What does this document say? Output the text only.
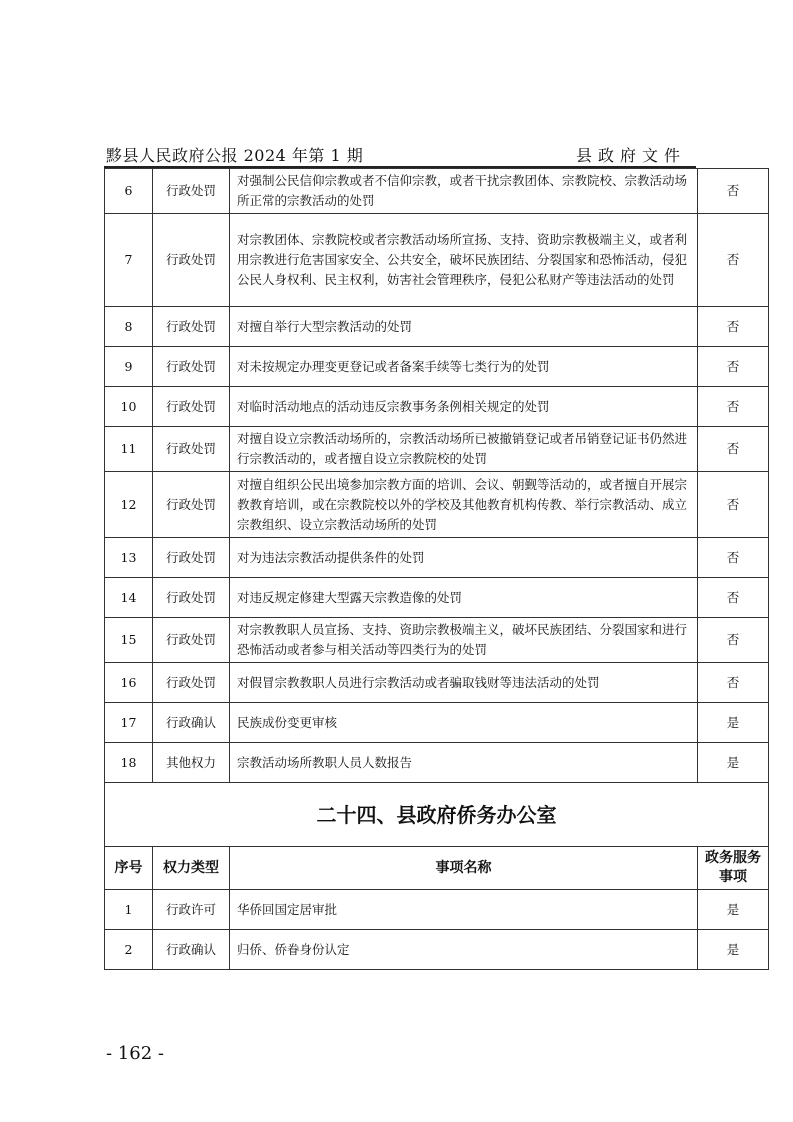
黟县人民政府公报 2024 年第 1 期	县政府文件
6	行政处罚	对强制公民信仰宗教或者不信仰宗教，或者干扰宗教团体、宗教院校、宗教活动场所正常的宗教活动的处罚	否
7	行政处罚	对宗教团体、宗教院校或者宗教活动场所宣扬、支持、资助宗教极端主义，或者利用宗教进行危害国家安全、公共安全，破坏民族团结、分裂国家和恐怖活动，侵犯公民人身权利、民主权利，妨害社会管理秩序，侵犯公私财产等违法活动的处罚	否
8	行政处罚	对擅自举行大型宗教活动的处罚	否
9	行政处罚	对未按规定办理变更登记或者备案手续等七类行为的处罚	否
10	行政处罚	对临时活动地点的活动违反宗教事务条例相关规定的处罚	否
11	行政处罚	对擅自设立宗教活动场所的，宗教活动场所已被撤销登记或者吊销登记证书仍然进行宗教活动的，或者擅自设立宗教院校的处罚	否
12	行政处罚	对擅自组织公民出境参加宗教方面的培训、会议、朝觐等活动的，或者擅自开展宗教教育培训，或在宗教院校以外的学校及其他教育机构传教、举行宗教活动、成立宗教组织、设立宗教活动场所的处罚	否
13	行政处罚	对为违法宗教活动提供条件的处罚	否
14	行政处罚	对违反规定修建大型露天宗教造像的处罚	否
15	行政处罚	对宗教教职人员宣扬、支持、资助宗教极端主义，破坏民族团结、分裂国家和进行恐怖活动或者参与相关活动等四类行为的处罚	否
16	行政处罚	对假冒宗教教职人员进行宗教活动或者骗取钱财等违法活动的处罚	否
17	行政确认	民族成份变更审核	是
18	其他权力	宗教活动场所教职人员人数报告	是
二十四、县政府侨务办公室			
序号	权力类型	事项名称	政务服务事项
1	行政许可	华侨回国定居审批	是
2	行政确认	归侨、侨眷身份认定	是
- 162 -
